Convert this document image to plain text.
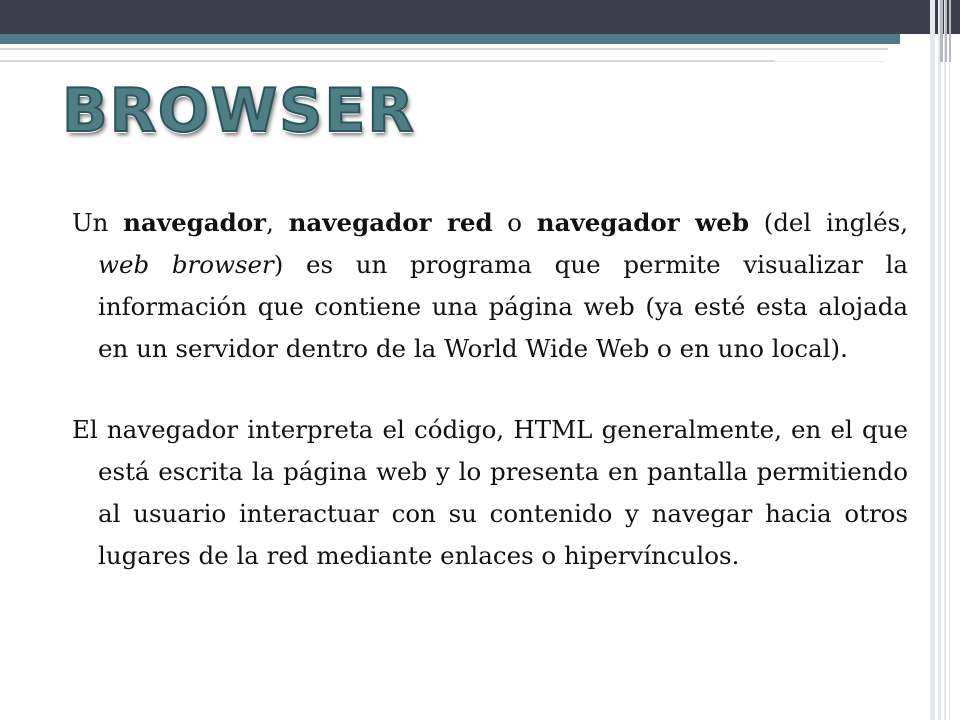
BROWSER

Un navegador, navegador red o navegador web (del inglés, web browser) es un programa que permite visualizar la información que contiene una página web (ya esté esta alojada en un servidor dentro de la World Wide Web o en uno local).

El navegador interpreta el código, HTML generalmente, en el que está escrita la página web y lo presenta en pantalla permitiendo al usuario interactuar con su contenido y navegar hacia otros lugares de la red mediante enlaces o hipervínculos.
